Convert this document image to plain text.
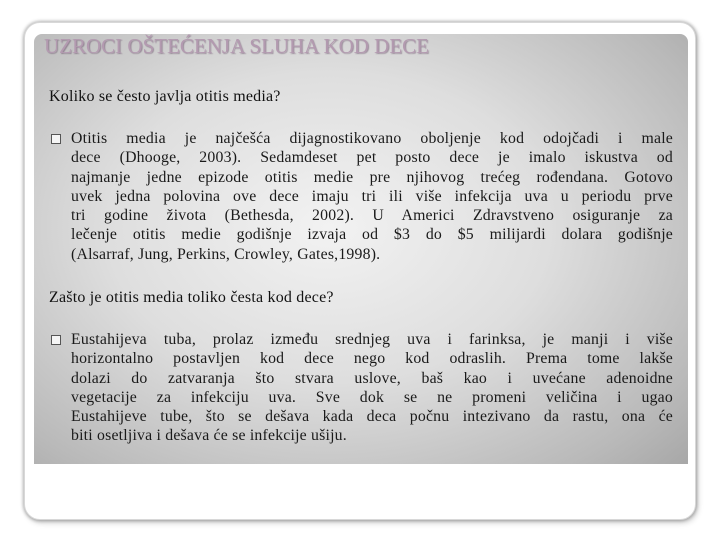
UZROCI OŠTEĆENJA SLUHA KOD DECE
Koliko se često javlja otitis media?
Otitis media je najčešća dijagnostikovano oboljenje kod odojčadi i male
dece (Dhooge, 2003). Sedamdeset pet posto dece je imalo iskustva od
najmanje jedne epizode otitis medie pre njihovog trećeg rođendana. Gotovo
uvek jedna polovina ove dece imaju tri ili više infekcija uva u periodu prve
tri godine života (Bethesda, 2002). U Americi Zdravstveno osiguranje za
lečenje otitis medie godišnje izvaja od $3 do $5 milijardi dolara godišnje
(Alsarraf, Jung, Perkins, Crowley, Gates,1998).
Zašto je otitis media toliko česta kod dece?
Eustahijeva tuba, prolaz između srednjeg uva i farinksa, je manji i više
horizontalno postavljen kod dece nego kod odraslih. Prema tome lakše
dolazi do zatvaranja što stvara uslove, baš kao i uvećane adenoidne
vegetacije za infekciju uva. Sve dok se ne promeni veličina i ugao
Eustahijeve tube, što se dešava kada deca počnu intezivano da rastu, ona će
biti osetljiva i dešava će se infekcije ušiju.
